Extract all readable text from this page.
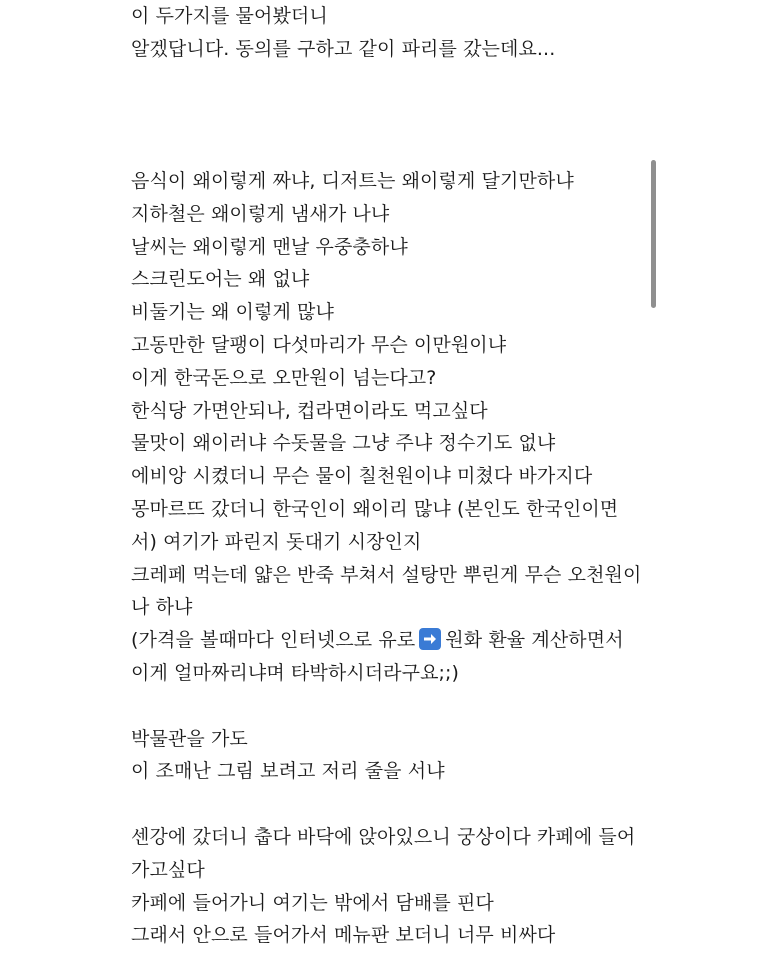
이 두가지를 물어봤더니
알겠답니다. 동의를 구하고 같이 파리를 갔는데요...
음식이 왜이렇게 짜냐, 디저트는 왜이렇게 달기만하냐
지하철은 왜이렇게 냄새가 나냐
날씨는 왜이렇게 맨날 우중충하냐
스크린도어는 왜 없냐
비둘기는 왜 이렇게 많냐
고동만한 달팽이 다섯마리가 무슨 이만원이냐
이게 한국돈으로 오만원이 넘는다고?
한식당 가면안되나, 컵라면이라도 먹고싶다
물맛이 왜이러냐 수돗물을 그냥 주냐 정수기도 없냐
에비앙 시켰더니 무슨 물이 칠천원이냐 미쳤다 바가지다
몽마르뜨 갔더니 한국인이 왜이리 많냐 (본인도 한국인이면
서) 여기가 파린지 돗대기 시장인지
크레페 먹는데 얇은 반죽 부쳐서 설탕만 뿌린게 무슨 오천원이
나 하냐
(가격을 볼때마다 인터넷으로 유로 원화 환율 계산하면서
이게 얼마짜리냐며 타박하시더라구요;;)
박물관을 가도
이 조매난 그림 보려고 저리 줄을 서냐
센강에 갔더니 춥다 바닥에 앉아있으니 궁상이다 카페에 들어
가고싶다
카페에 들어가니 여기는 밖에서 담배를 핀다
그래서 안으로 들어가서 메뉴판 보더니 너무 비싸다
